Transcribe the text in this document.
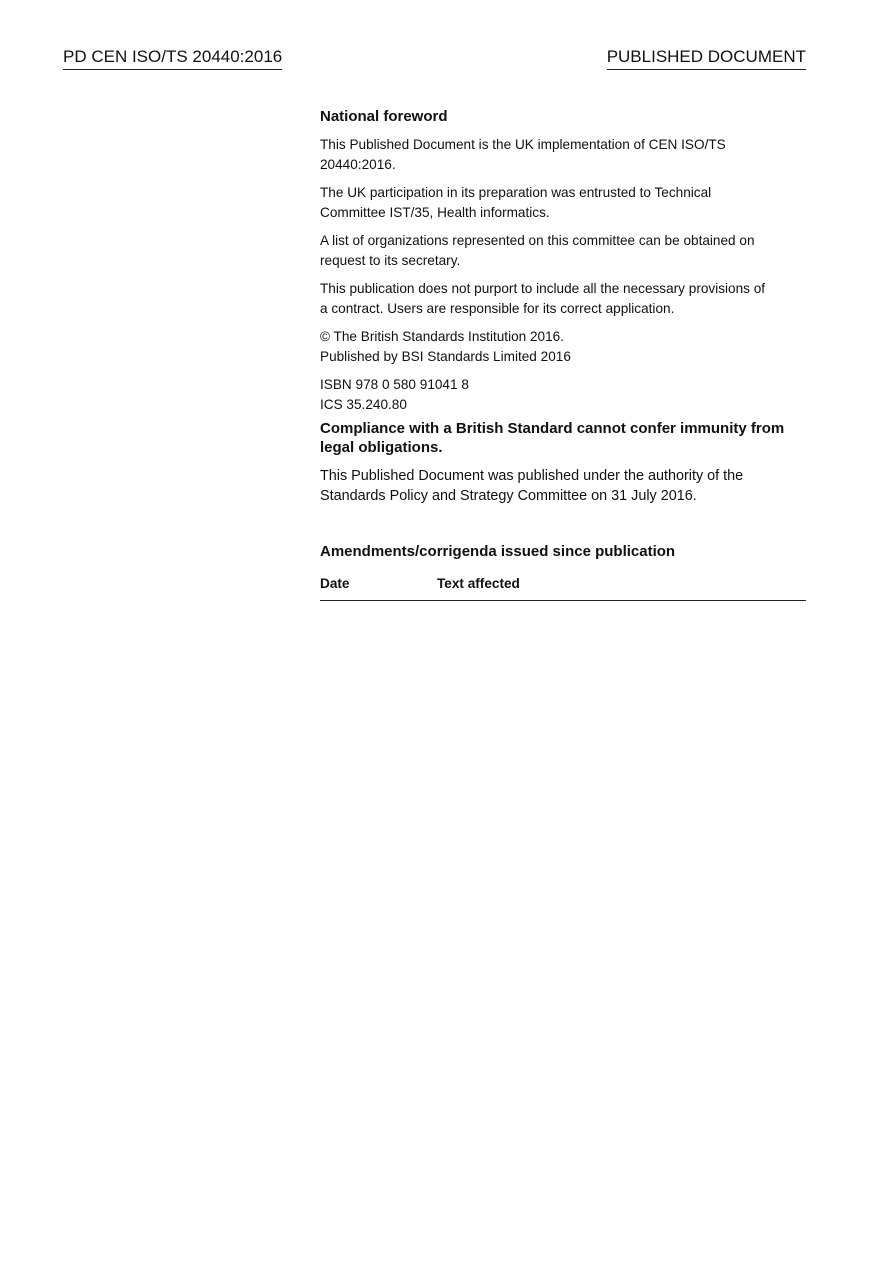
PD CEN ISO/TS 20440:2016	PUBLISHED DOCUMENT
National foreword
This Published Document is the UK implementation of CEN ISO/TS
20440:2016.
The UK participation in its preparation was entrusted to Technical
Committee IST/35, Health informatics.
A list of organizations represented on this committee can be obtained on
request to its secretary.
This publication does not purport to include all the necessary provisions of
a contract. Users are responsible for its correct application.
© The British Standards Institution 2016.
Published by BSI Standards Limited 2016
ISBN 978 0 580 91041 8
ICS 35.240.80
Compliance with a British Standard cannot confer immunity from
legal obligations.
This Published Document was published under the authority of the
Standards Policy and Strategy Committee on 31 July 2016.
Amendments/corrigenda issued since publication
Date	Text affected
